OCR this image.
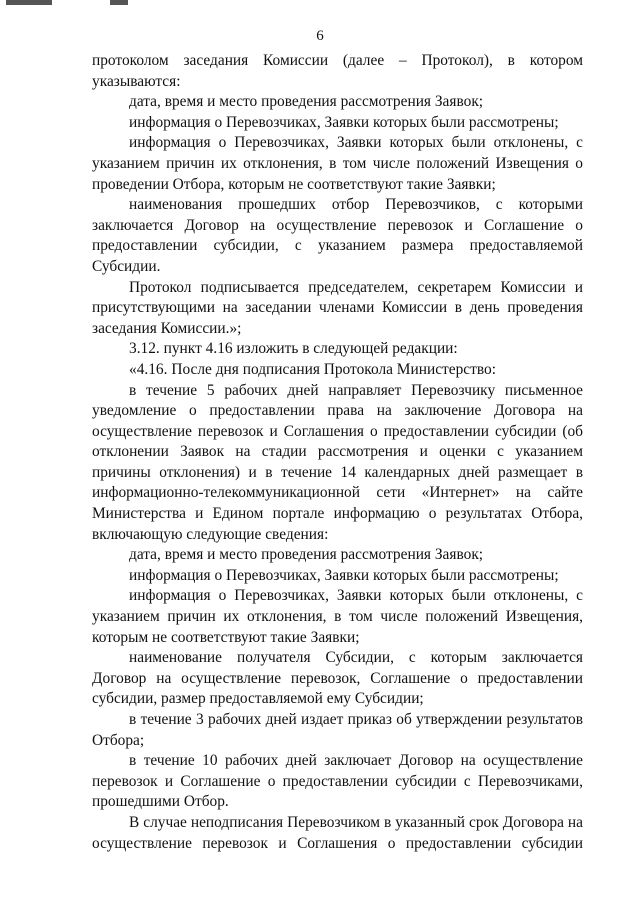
6

протоколом заседания Комиссии (далее – Протокол), в котором указываются:

дата, время и место проведения рассмотрения Заявок;

информация о Перевозчиках, Заявки которых были рассмотрены;

информация о Перевозчиках, Заявки которых были отклонены, с указанием причин их отклонения, в том числе положений Извещения о проведении Отбора, которым не соответствуют такие Заявки;

наименования прошедших отбор Перевозчиков, с которыми заключается Договор на осуществление перевозок и Соглашение о предоставлении субсидии, с указанием размера предоставляемой Субсидии.

Протокол подписывается председателем, секретарем Комиссии и присутствующими на заседании членами Комиссии в день проведения заседания Комиссии.»;

3.12. пункт 4.16 изложить в следующей редакции:

«4.16. После дня подписания Протокола Министерство:

в течение 5 рабочих дней направляет Перевозчику письменное уведомление о предоставлении права на заключение Договора на осуществление перевозок и Соглашения о предоставлении субсидии (об отклонении Заявок на стадии рассмотрения и оценки с указанием причины отклонения) и в течение 14 календарных дней размещает в информационно-телекоммуникационной сети «Интернет» на сайте Министерства и Едином портале информацию о результатах Отбора, включающую следующие сведения:

дата, время и место проведения рассмотрения Заявок;

информация о Перевозчиках, Заявки которых были рассмотрены;

информация о Перевозчиках, Заявки которых были отклонены, с указанием причин их отклонения, в том числе положений Извещения, которым не соответствуют такие Заявки;

наименование получателя Субсидии, с которым заключается Договор на осуществление перевозок, Соглашение о предоставлении субсидии, размер предоставляемой ему Субсидии;

в течение 3 рабочих дней издает приказ об утверждении результатов Отбора;

в течение 10 рабочих дней заключает Договор на осуществление перевозок и Соглашение о предоставлении субсидии с Перевозчиками, прошедшими Отбор.

В случае неподписания Перевозчиком в указанный срок Договора на осуществление перевозок и Соглашения о предоставлении субсидии
